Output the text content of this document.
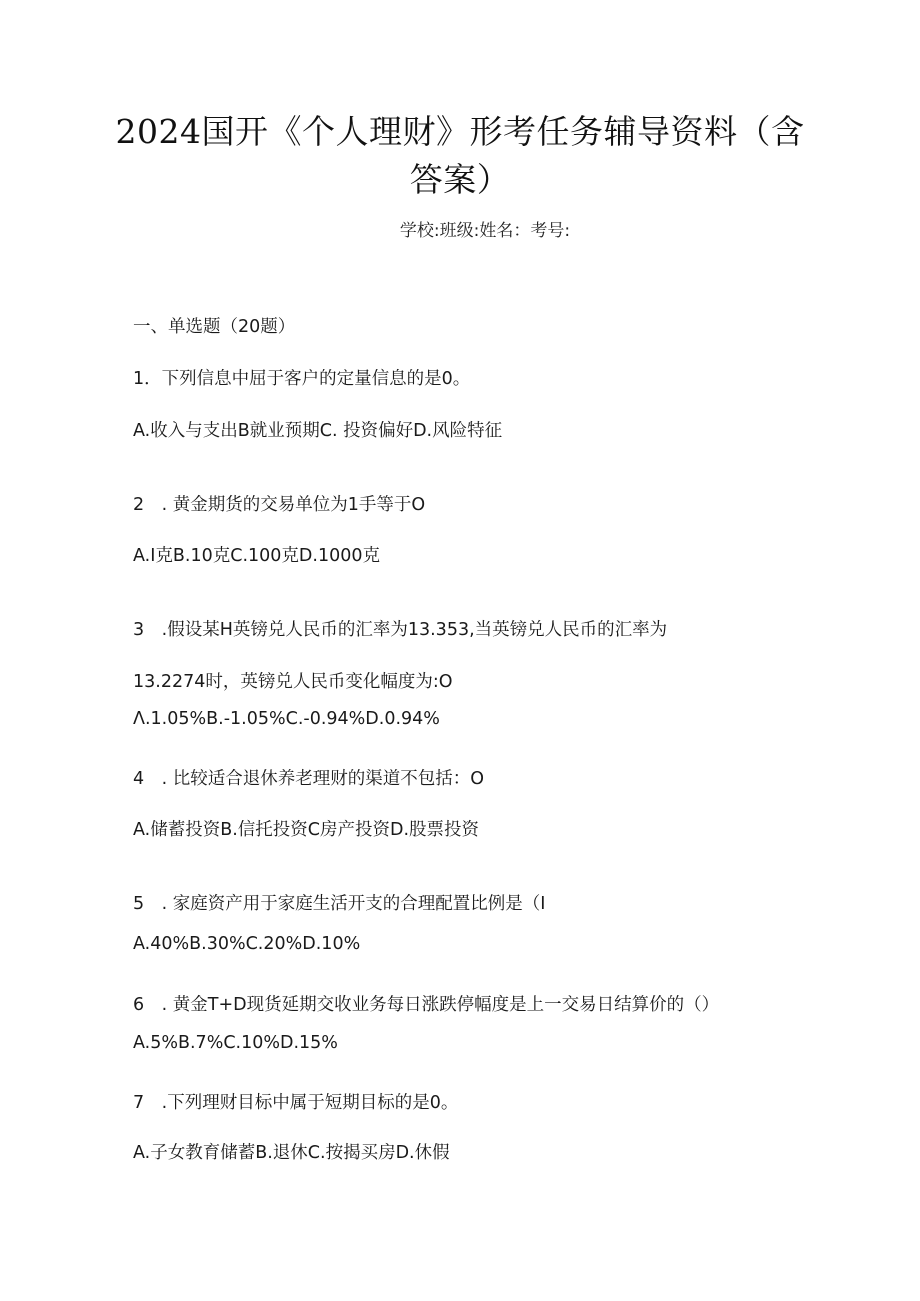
2024国开《个人理财》形考任务辅导资料（含
答案）
学校:班级:姓名：考号:
一、单选题（20题）
1．下列信息中屈于客户的定量信息的是0。
A.收入与支出B就业预期C. 投资偏好D.风险特征
2　. 黄金期货的交易单位为1手等于O
A.I克B.10克C.100克D.1000克
3　.假设某H英镑兑人民币的汇率为13.353,当英镑兑人民币的汇率为
13.2274时，英镑兑人民币变化幅度为:O
Λ.1.05%B.-1.05%C.-0.94%D.0.94%
4　. 比较适合退休养老理财的渠道不包括：O
A.储蓄投资B.信托投资C房产投资D.股票投资
5　. 家庭资产用于家庭生活开支的合理配置比例是（I
A.40%B.30%C.20%D.10%
6　. 黄金T+D现货延期交收业务每日涨跌停幅度是上一交易日结算价的（）
A.5%B.7%C.10%D.15%
7　.下列理财目标中属于短期目标的是0。
A.子女教育储蓄B.退休C.按揭买房D.休假
